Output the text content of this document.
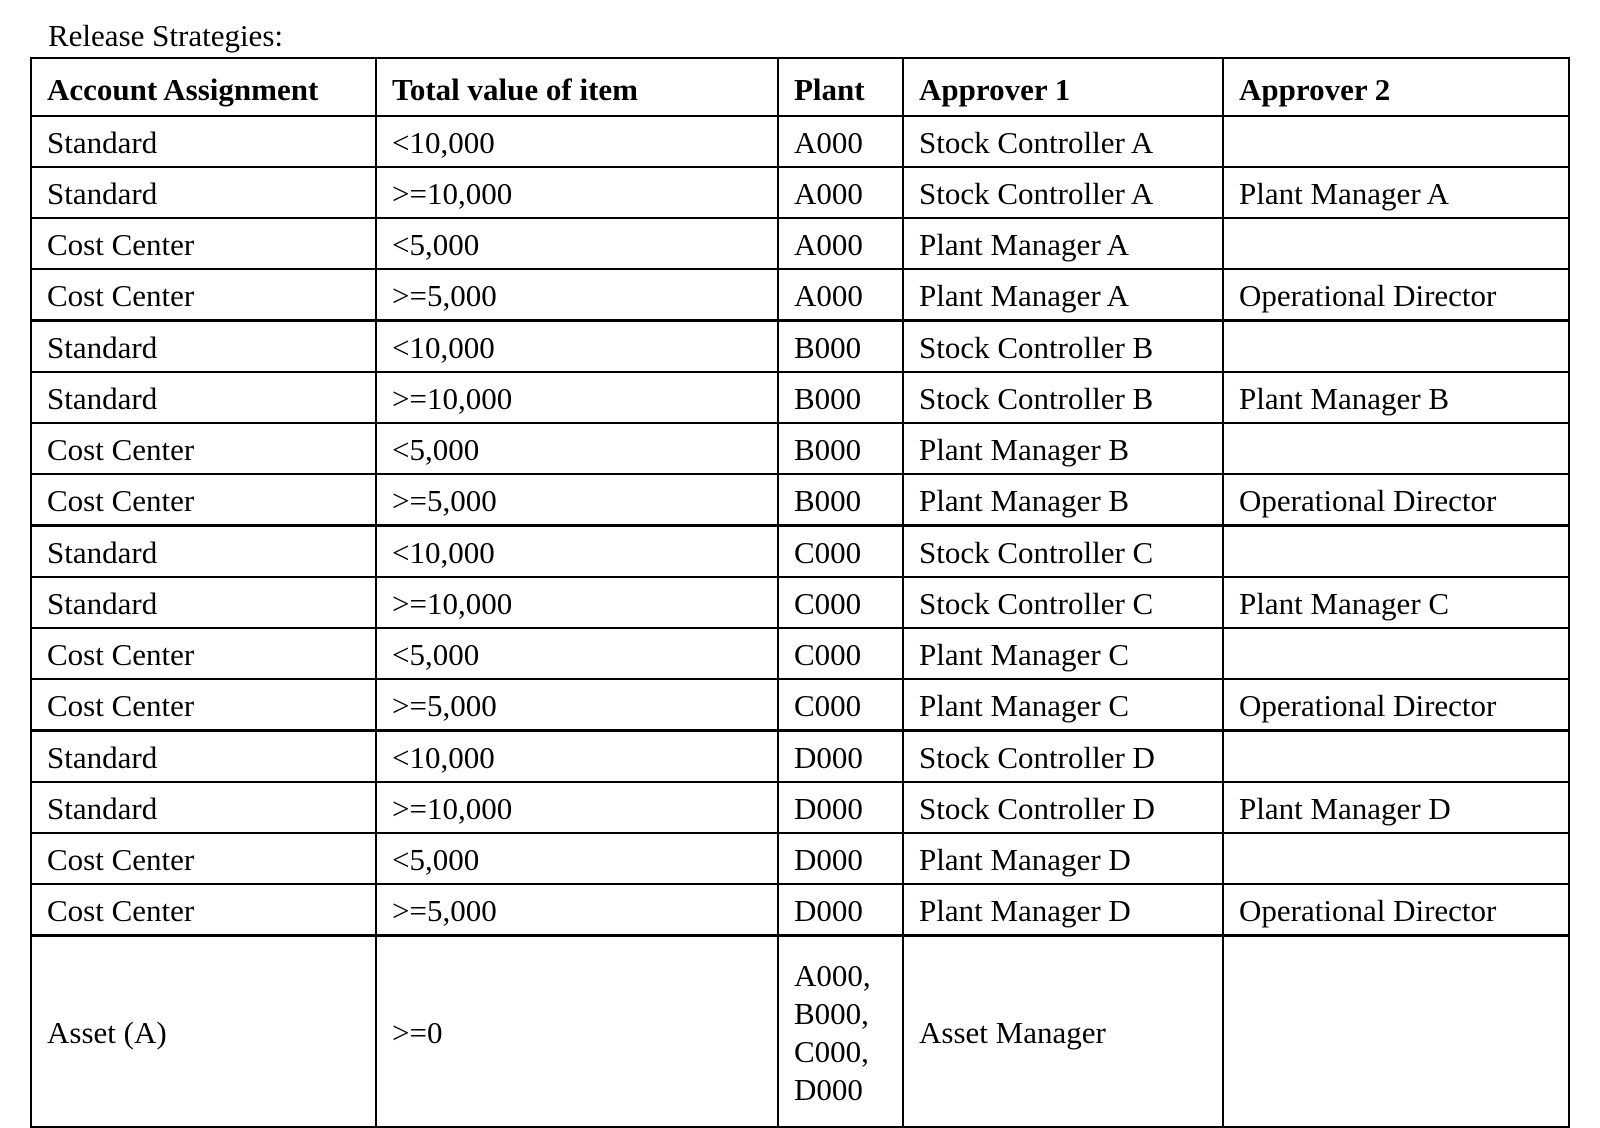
Release Strategies:
Account Assignment	Total value of item	Plant	Approver 1	Approver 2
Standard	<10,000	A000	Stock Controller A	
Standard	>=10,000	A000	Stock Controller A	Plant Manager A
Cost Center	<5,000	A000	Plant Manager A	
Cost Center	>=5,000	A000	Plant Manager A	Operational Director
Standard	<10,000	B000	Stock Controller B	
Standard	>=10,000	B000	Stock Controller B	Plant Manager B
Cost Center	<5,000	B000	Plant Manager B	
Cost Center	>=5,000	B000	Plant Manager B	Operational Director
Standard	<10,000	C000	Stock Controller C	
Standard	>=10,000	C000	Stock Controller C	Plant Manager C
Cost Center	<5,000	C000	Plant Manager C	
Cost Center	>=5,000	C000	Plant Manager C	Operational Director
Standard	<10,000	D000	Stock Controller D	
Standard	>=10,000	D000	Stock Controller D	Plant Manager D
Cost Center	<5,000	D000	Plant Manager D	
Cost Center	>=5,000	D000	Plant Manager D	Operational Director
Asset (A)	>=0	A000,
B000,
C000,
D000	Asset Manager	
